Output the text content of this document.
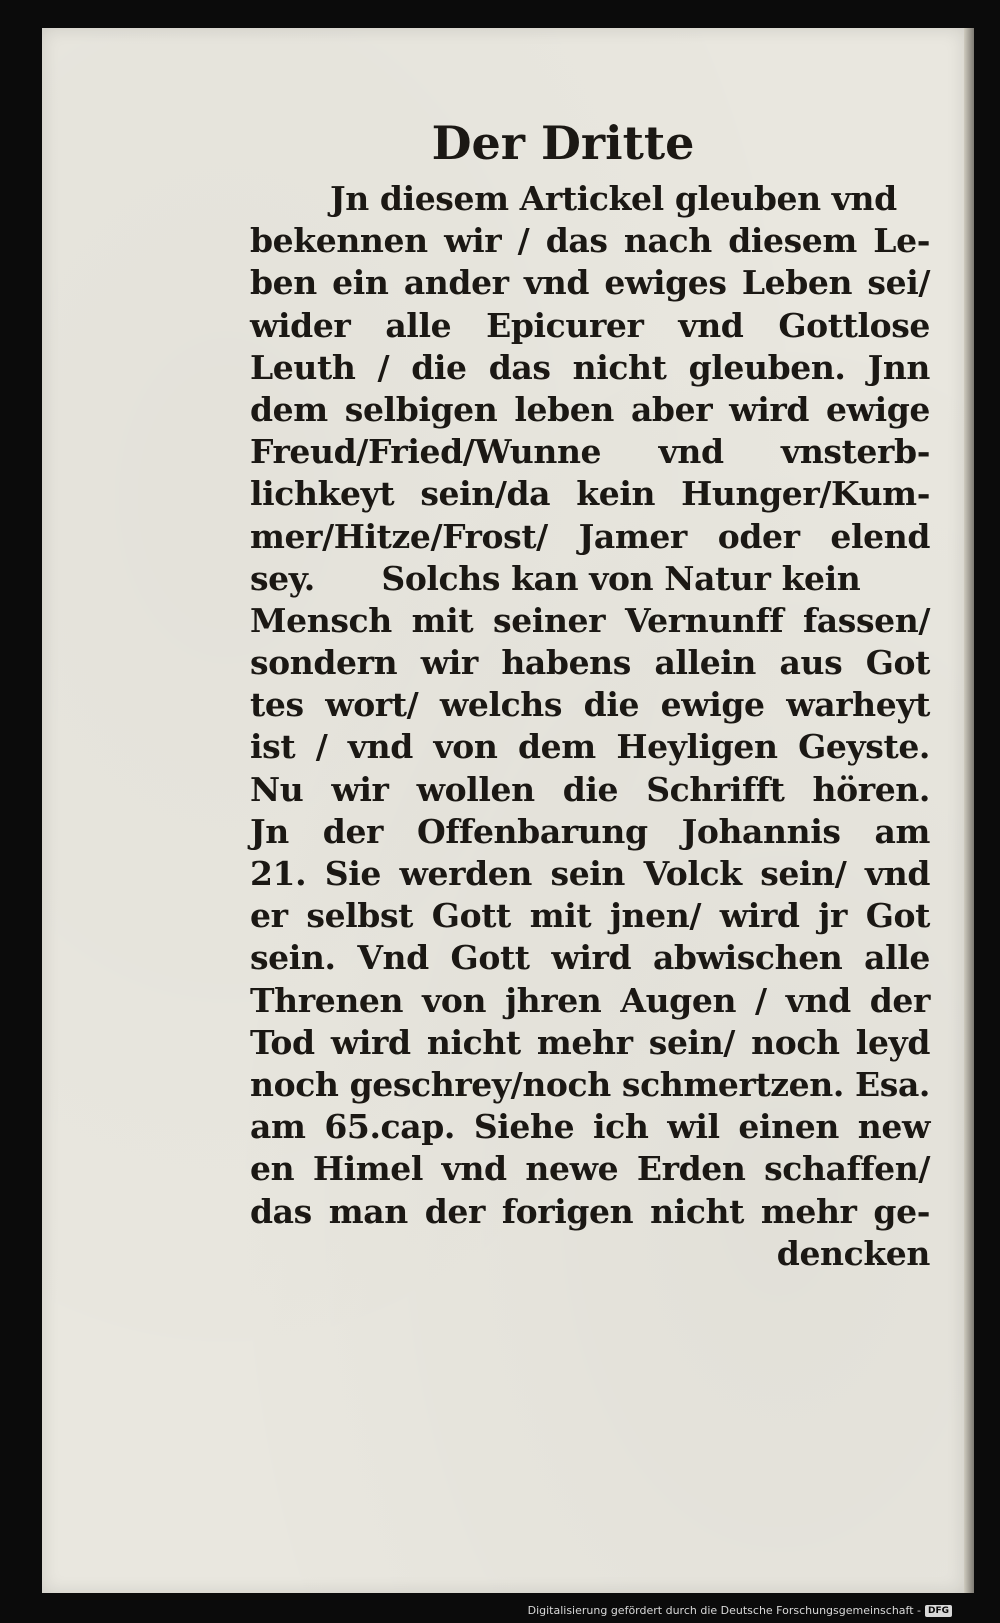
Der Dritte
Jn diesem Artickel gleuben vnd
bekennen wir / das nach diesem Le-
ben ein ander vnd ewiges Leben sei/
wider alle Epicurer vnd Gottlose
Leuth / die das nicht gleuben. Jnn
dem selbigen leben aber wird ewige
Freud/Fried/Wunne vnd vnsterb-
lichkeyt sein/da kein Hunger/Kum-
mer/Hitze/Frost/ Jamer oder elend
sey.      Solchs kan von Natur kein
Mensch mit seiner Vernunff fassen/
sondern wir habens allein aus Got
tes wort/ welchs die ewige warheyt
ist / vnd von dem Heyligen Geyste.
Nu wir wollen die Schrifft hören.
Jn der Offenbarung Johannis am
21. Sie werden sein Volck sein/ vnd
er selbst Gott mit jnen/ wird jr Got
sein. Vnd Gott wird abwischen alle
Threnen von jhren Augen / vnd der
Tod wird nicht mehr sein/ noch leyd
noch geschrey/noch schmertzen. Esa.
am 65.cap. Siehe ich wil einen new
en Himel vnd newe Erden schaffen/
das man der forigen nicht mehr ge-
dencken
Digitalisierung gefördert durch die Deutsche Forschungsgemeinschaft - DFG
